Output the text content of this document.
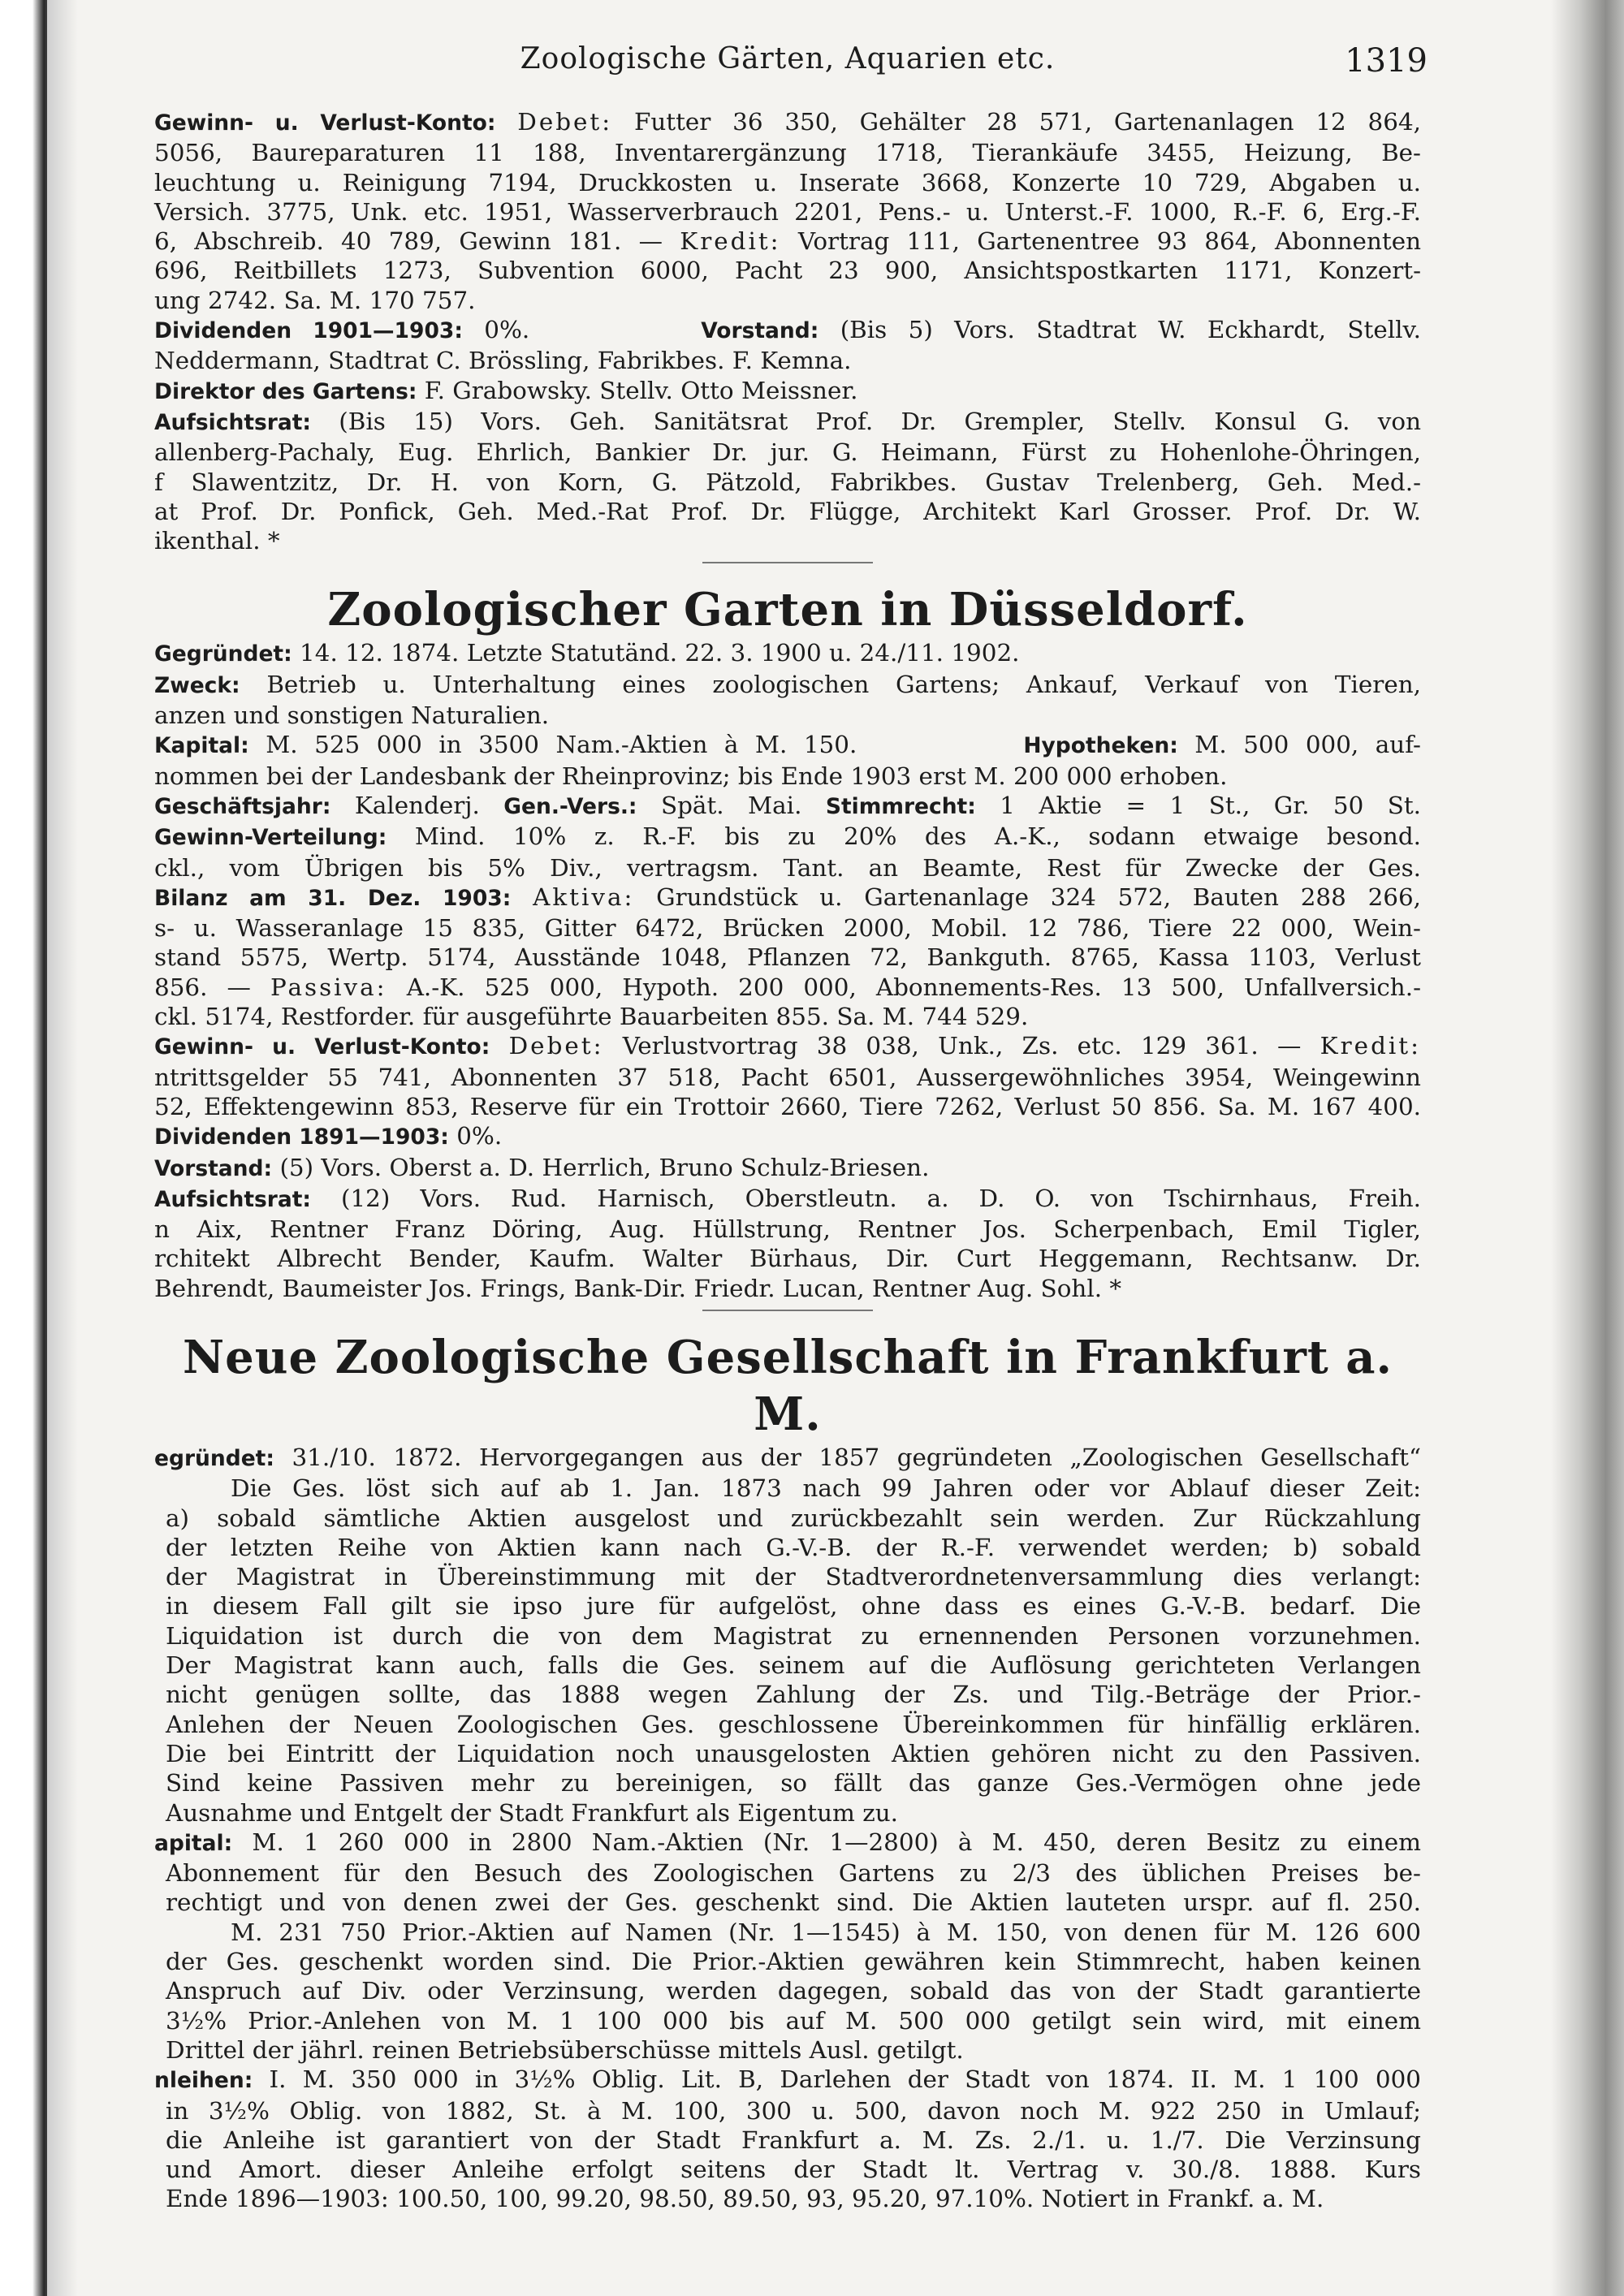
Zoologische Gärten, Aquarien etc.	1319

Gewinn- u. Verlust-Konto: Debet: Futter 36 350, Gehälter 28 571, Gartenanlagen 12 864,

5056, Baureparaturen 11 188, Inventarergänzung 1718, Tierankäufe 3455, Heizung, Be-

leuchtung u. Reinigung 7194, Druckkosten u. Inserate 3668, Konzerte 10 729, Abgaben u.

Versich. 3775, Unk. etc. 1951, Wasserverbrauch 2201, Pens.- u. Unterst.-F. 1000, R.-F. 6, Erg.-F.

6, Abschreib. 40 789, Gewinn 181. — Kredit: Vortrag 111, Gartenentree 93 864, Abonnenten

696, Reitbillets 1273, Subvention 6000, Pacht 23 900, Ansichtspostkarten 1171, Konzert-

ung 2742. Sa. M. 170 757.

Dividenden 1901—1903: 0%.	Vorstand: (Bis 5) Vors. Stadtrat W. Eckhardt, Stellv.

Neddermann, Stadtrat C. Brössling, Fabrikbes. F. Kemna.

Direktor des Gartens: F. Grabowsky. Stellv. Otto Meissner.

Aufsichtsrat: (Bis 15) Vors. Geh. Sanitätsrat Prof. Dr. Grempler, Stellv. Konsul G. von

allenberg-Pachaly, Eug. Ehrlich, Bankier Dr. jur. G. Heimann, Fürst zu Hohenlohe-Öhringen,

f Slawentzitz, Dr. H. von Korn, G. Pätzold, Fabrikbes. Gustav Trelenberg, Geh. Med.-

at Prof. Dr. Ponfick, Geh. Med.-Rat Prof. Dr. Flügge, Architekt Karl Grosser. Prof. Dr. W.

ikenthal. *

Zoologischer Garten in Düsseldorf.

Gegründet: 14. 12. 1874. Letzte Statutänd. 22. 3. 1900 u. 24./11. 1902.

Zweck: Betrieb u. Unterhaltung eines zoologischen Gartens; Ankauf, Verkauf von Tieren,

anzen und sonstigen Naturalien.

Kapital: M. 525 000 in 3500 Nam.-Aktien à M. 150.	Hypotheken: M. 500 000, auf-

nommen bei der Landesbank der Rheinprovinz; bis Ende 1903 erst M. 200 000 erhoben.

Geschäftsjahr: Kalenderj. Gen.-Vers.: Spät. Mai. Stimmrecht: 1 Aktie = 1 St., Gr. 50 St.

Gewinn-Verteilung: Mind. 10% z. R.-F. bis zu 20% des A.-K., sodann etwaige besond.

ckl., vom Übrigen bis 5% Div., vertragsm. Tant. an Beamte, Rest für Zwecke der Ges.

Bilanz am 31. Dez. 1903: Aktiva: Grundstück u. Gartenanlage 324 572, Bauten 288 266,

s- u. Wasseranlage 15 835, Gitter 6472, Brücken 2000, Mobil. 12 786, Tiere 22 000, Wein-

stand 5575, Wertp. 5174, Ausstände 1048, Pflanzen 72, Bankguth. 8765, Kassa 1103, Verlust

856. — Passiva: A.-K. 525 000, Hypoth. 200 000, Abonnements-Res. 13 500, Unfallversich.-

ckl. 5174, Restforder. für ausgeführte Bauarbeiten 855. Sa. M. 744 529.

Gewinn- u. Verlust-Konto: Debet: Verlustvortrag 38 038, Unk., Zs. etc. 129 361. — Kredit:

ntrittsgelder 55 741, Abonnenten 37 518, Pacht 6501, Aussergewöhnliches 3954, Weingewinn

52, Effektengewinn 853, Reserve für ein Trottoir 2660, Tiere 7262, Verlust 50 856. Sa. M. 167 400.

Dividenden 1891—1903: 0%.

Vorstand: (5) Vors. Oberst a. D. Herrlich, Bruno Schulz-Briesen.

Aufsichtsrat: (12) Vors. Rud. Harnisch, Oberstleutn. a. D. O. von Tschirnhaus, Freih.

n Aix, Rentner Franz Döring, Aug. Hüllstrung, Rentner Jos. Scherpenbach, Emil Tigler,

rchitekt Albrecht Bender, Kaufm. Walter Bürhaus, Dir. Curt Heggemann, Rechtsanw. Dr.

Behrendt, Baumeister Jos. Frings, Bank-Dir. Friedr. Lucan, Rentner Aug. Sohl. *

Neue Zoologische Gesellschaft in Frankfurt a. M.

egründet: 31./10. 1872. Hervorgegangen aus der 1857 gegründeten „Zoologischen Gesellschaft“

Die Ges. löst sich auf ab 1. Jan. 1873 nach 99 Jahren oder vor Ablauf dieser Zeit:

a) sobald sämtliche Aktien ausgelost und zurückbezahlt sein werden. Zur Rückzahlung

der letzten Reihe von Aktien kann nach G.-V.-B. der R.-F. verwendet werden; b) sobald

der Magistrat in Übereinstimmung mit der Stadtverordnetenversammlung dies verlangt:

in diesem Fall gilt sie ipso jure für aufgelöst, ohne dass es eines G.-V.-B. bedarf. Die

Liquidation ist durch die von dem Magistrat zu ernennenden Personen vorzunehmen.

Der Magistrat kann auch, falls die Ges. seinem auf die Auflösung gerichteten Verlangen

nicht genügen sollte, das 1888 wegen Zahlung der Zs. und Tilg.-Beträge der Prior.-

Anlehen der Neuen Zoologischen Ges. geschlossene Übereinkommen für hinfällig erklären.

Die bei Eintritt der Liquidation noch unausgelosten Aktien gehören nicht zu den Passiven.

Sind keine Passiven mehr zu bereinigen, so fällt das ganze Ges.-Vermögen ohne jede

Ausnahme und Entgelt der Stadt Frankfurt als Eigentum zu.

apital: M. 1 260 000 in 2800 Nam.-Aktien (Nr. 1—2800) à M. 450, deren Besitz zu einem

Abonnement für den Besuch des Zoologischen Gartens zu 2/3 des üblichen Preises be-

rechtigt und von denen zwei der Ges. geschenkt sind. Die Aktien lauteten urspr. auf fl. 250.

M. 231 750 Prior.-Aktien auf Namen (Nr. 1—1545) à M. 150, von denen für M. 126 600

der Ges. geschenkt worden sind. Die Prior.-Aktien gewähren kein Stimmrecht, haben keinen

Anspruch auf Div. oder Verzinsung, werden dagegen, sobald das von der Stadt garantierte

3½% Prior.-Anlehen von M. 1 100 000 bis auf M. 500 000 getilgt sein wird, mit einem

Drittel der jährl. reinen Betriebsüberschüsse mittels Ausl. getilgt.

nleihen: I. M. 350 000 in 3½% Oblig. Lit. B, Darlehen der Stadt von 1874. II. M. 1 100 000

in 3½% Oblig. von 1882, St. à M. 100, 300 u. 500, davon noch M. 922 250 in Umlauf;

die Anleihe ist garantiert von der Stadt Frankfurt a. M. Zs. 2./1. u. 1./7. Die Verzinsung

und Amort. dieser Anleihe erfolgt seitens der Stadt lt. Vertrag v. 30./8. 1888. Kurs

Ende 1896—1903: 100.50, 100, 99.20, 98.50, 89.50, 93, 95.20, 97.10%. Notiert in Frankf. a. M.
